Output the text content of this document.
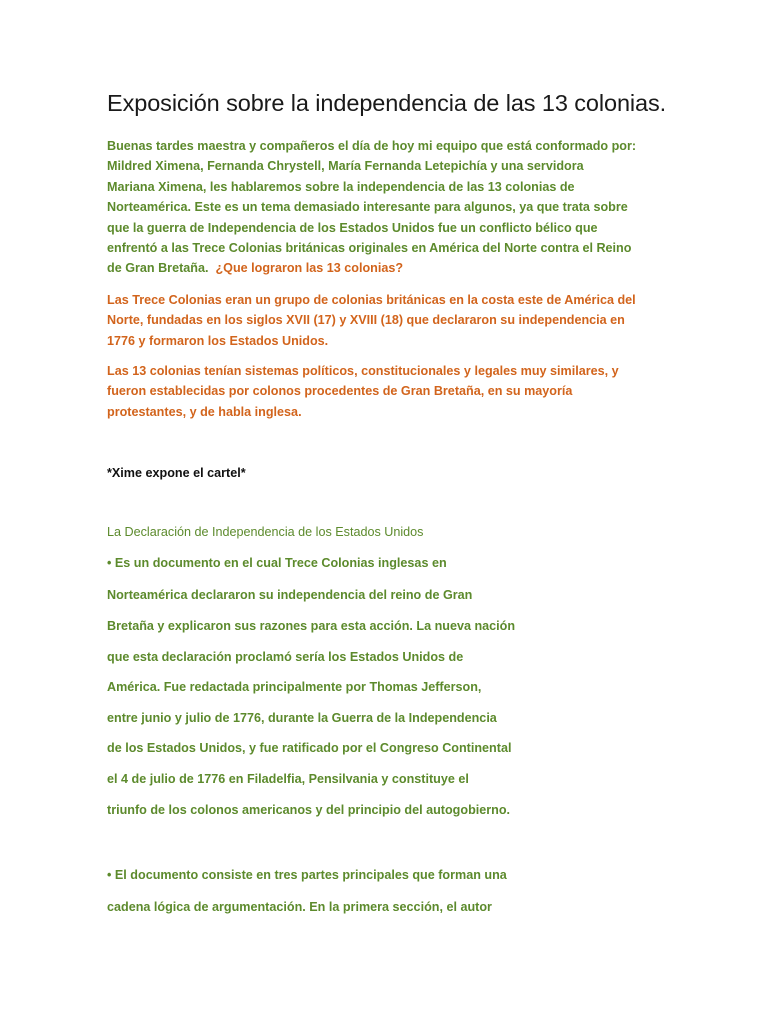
Exposición sobre la independencia de las 13 colonias.
Buenas tardes maestra y compañeros el día de hoy mi equipo que está conformado por:
Mildred Ximena, Fernanda Chrystell, María Fernanda Letepichía y una servidora
Mariana Ximena, les hablaremos sobre la independencia de las 13 colonias de
Norteamérica. Este es un tema demasiado interesante para algunos, ya que trata sobre
que la guerra de Independencia de los Estados Unidos fue un conflicto bélico que
enfrentó a las Trece Colonias británicas originales en América del Norte contra el Reino
de Gran Bretaña.  ¿Que lograron las 13 colonias?
Las Trece Colonias eran un grupo de colonias británicas en la costa este de América del
Norte, fundadas en los siglos XVII (17) y XVIII (18) que declararon su independencia en
1776 y formaron los Estados Unidos.
Las 13 colonias tenían sistemas políticos, constitucionales y legales muy similares, y
fueron establecidas por colonos procedentes de Gran Bretaña, en su mayoría
protestantes, y de habla inglesa.
*Xime expone el cartel*
La Declaración de Independencia de los Estados Unidos
• Es un documento en el cual Trece Colonias inglesas en
Norteamérica declararon su independencia del reino de Gran
Bretaña y explicaron sus razones para esta acción. La nueva nación
que esta declaración proclamó sería los Estados Unidos de
América. Fue redactada principalmente por Thomas Jefferson,
entre junio y julio de 1776, durante la Guerra de la Independencia
de los Estados Unidos, y fue ratificado por el Congreso Continental
el 4 de julio de 1776 en Filadelfia, Pensilvania y constituye el
triunfo de los colonos americanos y del principio del autogobierno.
• El documento consiste en tres partes principales que forman una
cadena lógica de argumentación. En la primera sección, el autor
